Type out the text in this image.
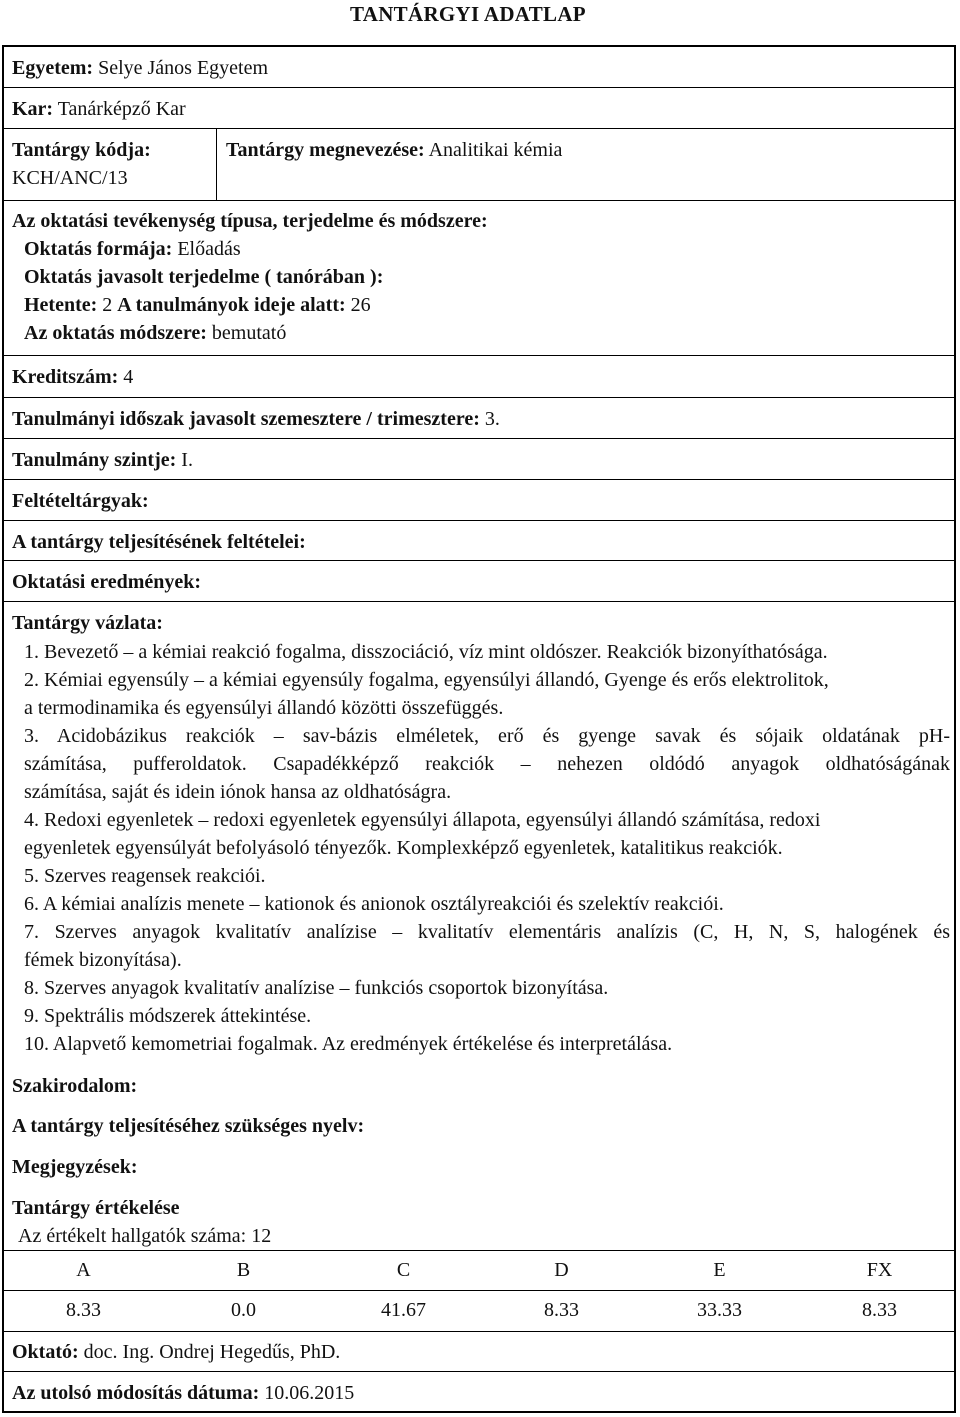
TANTÁRGYI ADATLAP
Egyetem: Selye János Egyetem
Kar: Tanárképző Kar
Tantárgy kódja:
KCH/ANC/13
Tantárgy megnevezése: Analitikai kémia
Az oktatási tevékenység típusa, terjedelme és módszere:
Oktatás formája: Előadás
Oktatás javasolt terjedelme ( tanórában ):
Hetente: 2 A tanulmányok ideje alatt: 26
Az oktatás módszere: bemutató
Kreditszám: 4
Tanulmányi időszak javasolt szemesztere / trimesztere: 3.
Tanulmány szintje: I.
Feltételtárgyak:
A tantárgy teljesítésének feltételei:
Oktatási eredmények:
Tantárgy vázlata:
1. Bevezető – a kémiai reakció fogalma, disszociáció, víz mint oldószer. Reakciók bizonyíthatósága.
2. Kémiai egyensúly – a kémiai egyensúly fogalma, egyensúlyi állandó, Gyenge és erős elektrolitok,
a termodinamika és egyensúlyi állandó közötti összefüggés.
3. Acidobázikus reakciók – sav-bázis elméletek, erő és gyenge savak és sójaik oldatának pH-
számítása, pufferoldatok. Csapadékképző reakciók – nehezen oldódó anyagok oldhatóságának
számítása, saját és idein iónok hansa az oldhatóságra.
4. Redoxi egyenletek – redoxi egyenletek egyensúlyi állapota, egyensúlyi állandó számítása, redoxi
egyenletek egyensúlyát befolyásoló tényezők. Komplexképző egyenletek, katalitikus reakciók.
5. Szerves reagensek reakciói.
6. A kémiai analízis menete – kationok és anionok osztályreakciói és szelektív reakciói.
7. Szerves anyagok kvalitatív analízise – kvalitatív elementáris analízis (C, H, N, S, halogének és
fémek bizonyítása).
8. Szerves anyagok kvalitatív analízise – funkciós csoportok bizonyítása.
9. Spektrális módszerek áttekintése.
10. Alapvető kemometriai fogalmak. Az eredmények értékelése és interpretálása.
Szakirodalom:
A tantárgy teljesítéséhez szükséges nyelv:
Megjegyzések:
Tantárgy értékelése
Az értékelt hallgatók száma: 12
A	B	C	D	E	FX
8.33	0.0	41.67	8.33	33.33	8.33
Oktató: doc. Ing. Ondrej Hegedűs, PhD.
Az utolsó módosítás dátuma: 10.06.2015
